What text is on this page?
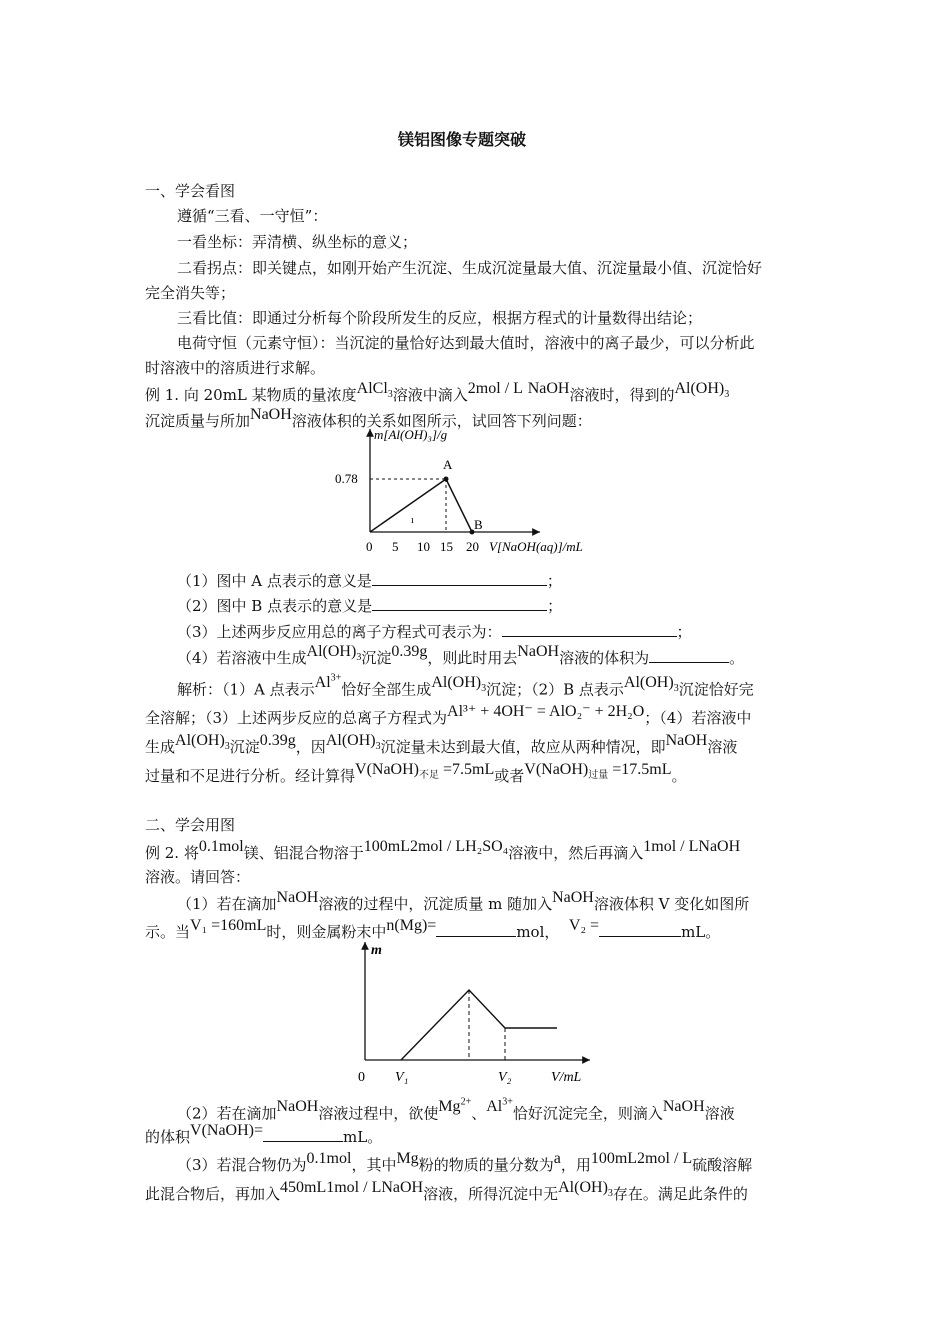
镁铝图像专题突破
一、学会看图
遵循“三看、一守恒”：
一看坐标：弄清横、纵坐标的意义；
二看拐点：即关键点，如刚开始产生沉淀、生成沉淀量最大值、沉淀量最小值、沉淀恰好
完全消失等；
三看比值：即通过分析每个阶段所发生的反应，根据方程式的计量数得出结论；
电荷守恒（元素守恒）：当沉淀的量恰好达到最大值时，溶液中的离子最少，可以分析此
时溶液中的溶质进行求解。
例 1. 向 20mL 某物质的量浓度AlCl$_3$溶液中滴入2mol / L NaOH溶液时，得到的$Al(OH)_3$
沉淀质量与所加NaOH溶液体积的关系如图所示，试回答下列问题：
m[Al(OH)₃]/g
0.78
A
B
ı
0 5 10 15 20 V[NaOH(aq)]/mL
（1）图中 A 点表示的意义是	；
（2）图中 B 点表示的意义是	；
（3）上述两步反应用总的离子方程式可表示为：	；
（4）若溶液中生成$Al(OH)_3$沉淀0.39g，则此时用去NaOH溶液的体积为	。
解析：（1）A 点表示$Al^{3+}$恰好全部生成$Al(OH)_3$沉淀；（2）B 点表示$Al(OH)_3$沉淀恰好完
全溶解；（3）上述两步反应的总离子方程式为Al³⁺ + 4OH⁻ = AlO₂⁻ + 2H₂O；（4）若溶液中
生成$Al(OH)_3$沉淀0.39g，因$Al(OH)_3$沉淀量未达到最大值，故应从两种情况，即NaOH溶液
过量和不足进行分析。经计算得$V(NaOH)_{不足} =7.5mL$或者$V(NaOH)_{过量} =17.5mL$。
二、学会用图
例 2. 将0.1mol镁、铝混合物溶于100mL2mol / LH₂SO₄溶液中，然后再滴入1mol / LNaOH
溶液。请回答：
（1）若在滴加NaOH溶液的过程中，沉淀质量 m 随加入NaOH溶液体积 V 变化如图所
示。当V₁ =160mL时，则金属粉末中n(Mg)=	mol， V₂ =	mL。
m
0 V₁	V₂	V/mL
（2）若在滴加NaOH溶液过程中，欲使$Mg^{2+}$、$Al^{3+}$恰好沉淀完全，则滴入NaOH溶液
的体积V(NaOH)=	mL。
（3）若混合物仍为0.1mol，其中Mg粉的物质的量分数为a，用100mL2mol / L硫酸溶解
此混合物后，再加入450mL1mol / LNaOH溶液，所得沉淀中无$Al(OH)_3$存在。满足此条件的
